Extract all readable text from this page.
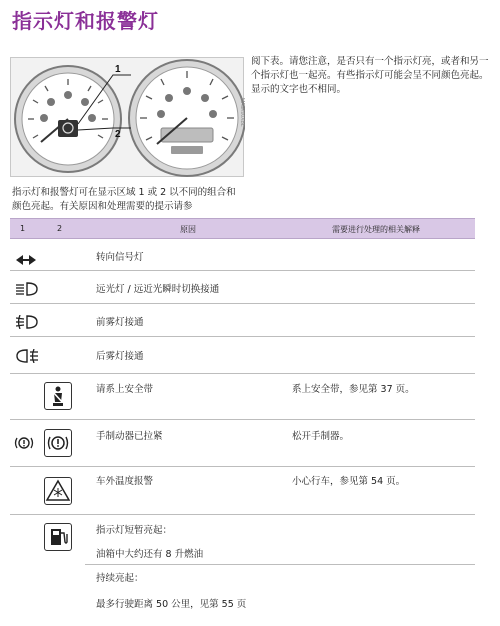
指示灯和报警灯
1
2
MA6K00XBL
阅下表。请您注意，是否只有一个指示灯亮，或者和另一个指示灯也一起亮。有些指示灯可能会呈不同颜色亮起。显示的文字也不相同。
指示灯和报警灯可在显示区域 1 或 2 以不同的组合和颜色亮起。有关原因和处理需要的提示请参
1	2	原因	需要进行处理的相关解释
转向信号灯
远光灯 / 远近光瞬时切换接通
前雾灯接通
后雾灯接通
请系上安全带	系上安全带，参见第 37 页。
手制动器已拉紧	松开手制器。
车外温度报警	小心行车，参见第 54 页。
指示灯短暂亮起：
油箱中大约还有 8 升燃油
持续亮起：
最多行驶距离 50 公里，见第 55 页
